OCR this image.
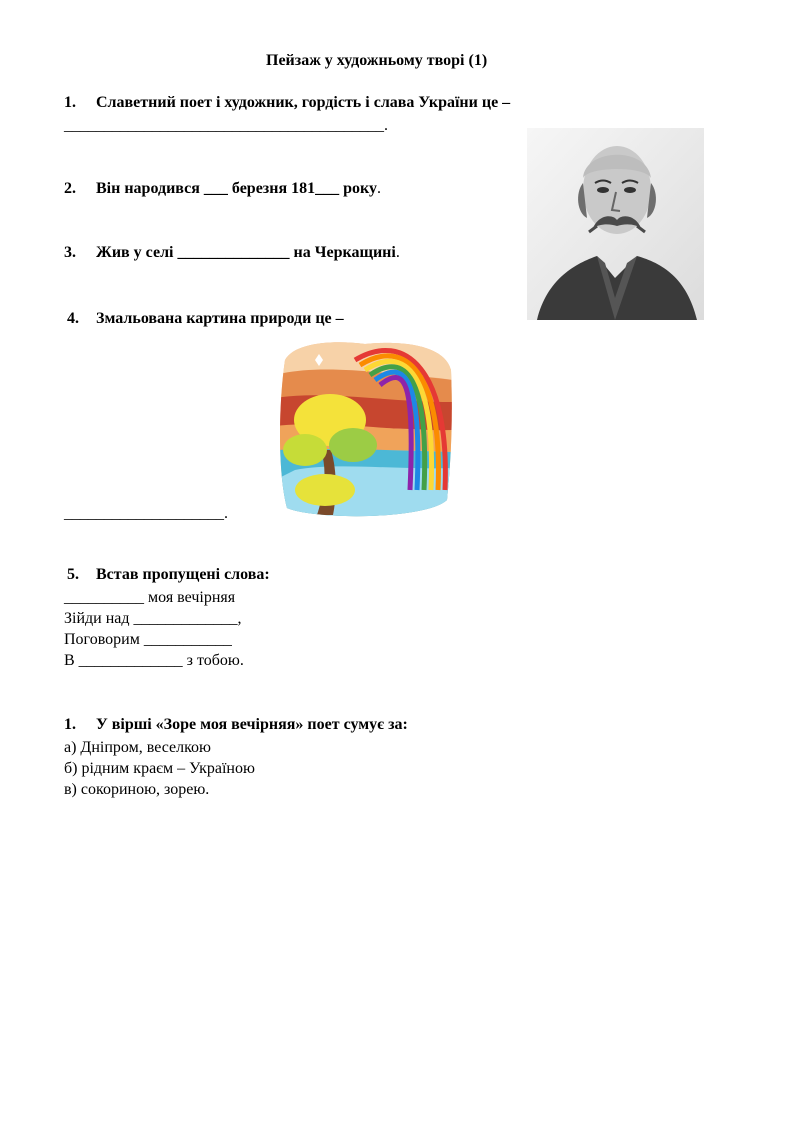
Пейзаж у художньому творі (1)
1. Славетний поет і художник, гордість і слава України це –
________________________________________.
2. Він народився ___ березня 181___ року.
3. Жив у селі ______________ на Черкащині.
4. Змальована картина природи це –
____________________.
5. Встав пропущені слова:
__________ моя вечірняя
Зійди над _____________,
Поговорим ___________
В _____________ з тобою.
1. У вірші «Зоре моя вечірняя» поет сумує за:
а) Дніпром, веселкою
б) рідним краєм – Україною
в) сокориною, зорею.
